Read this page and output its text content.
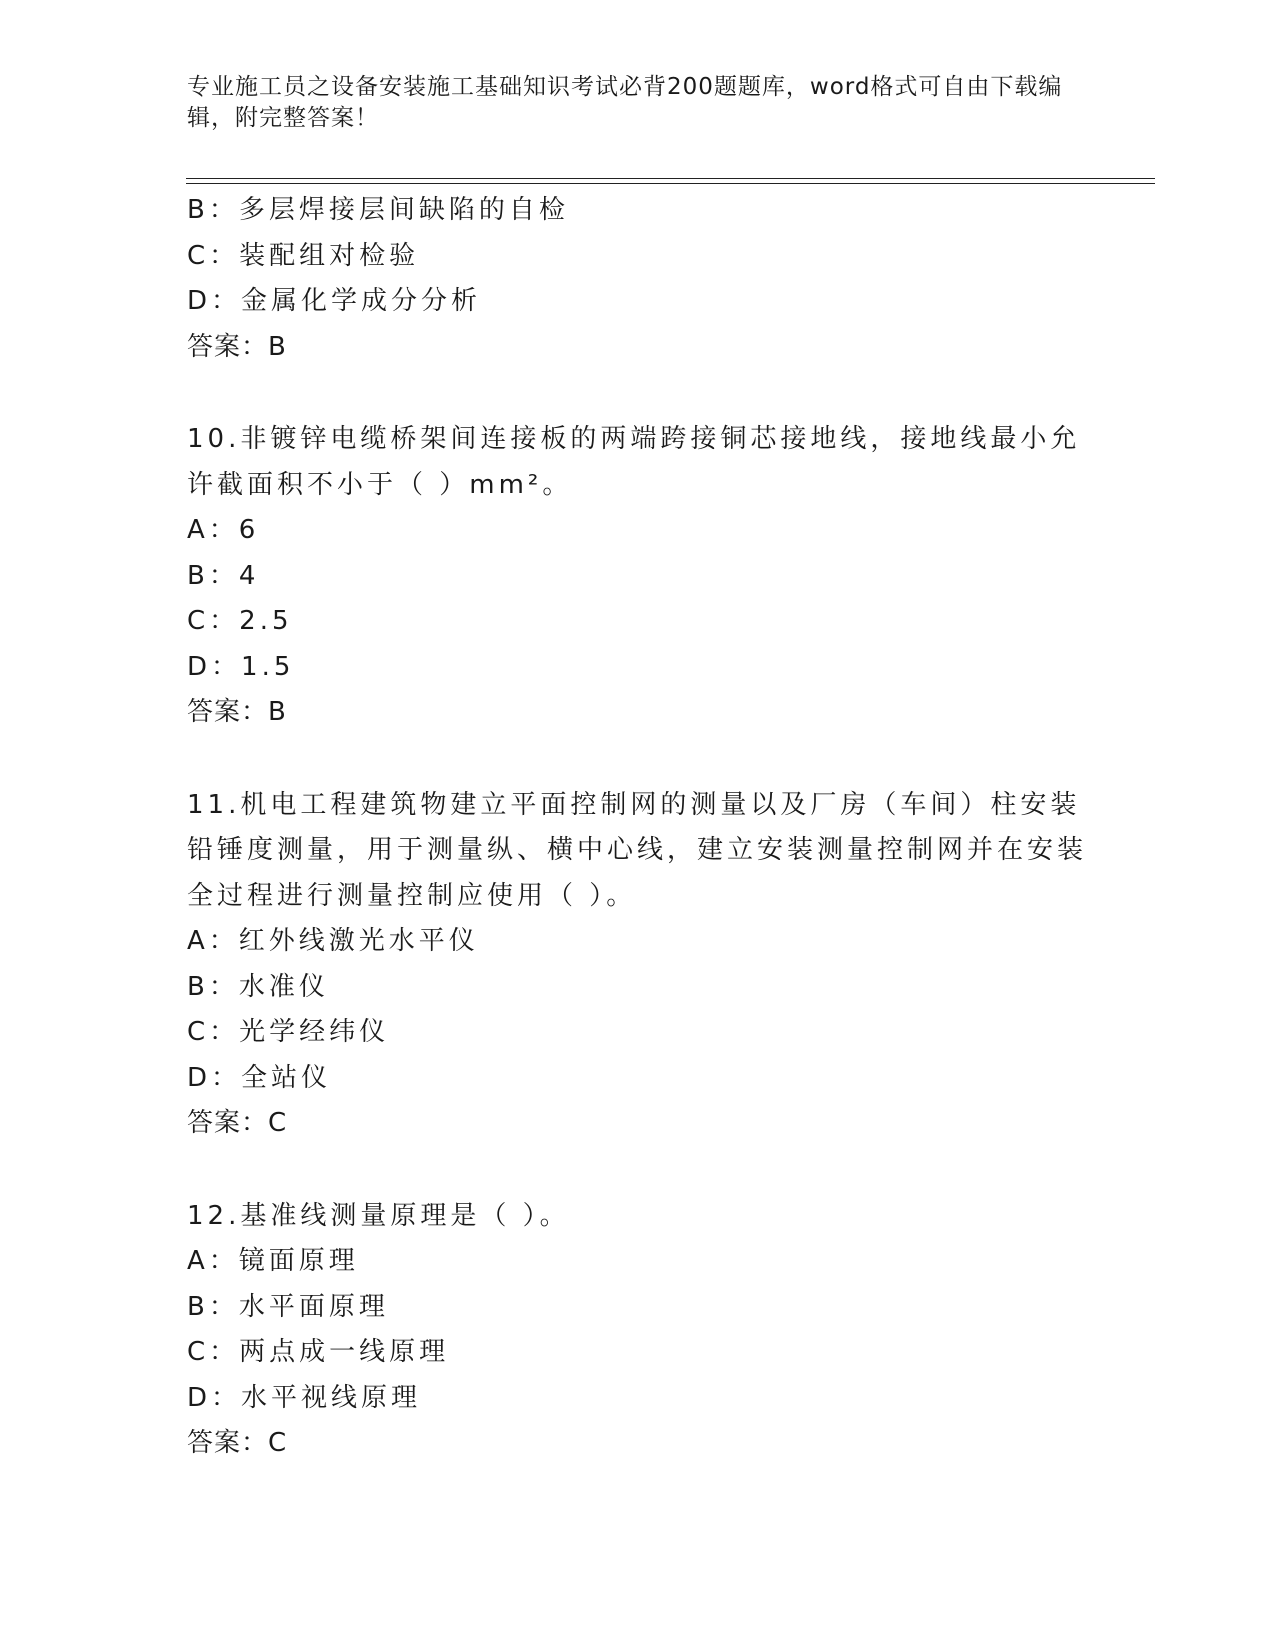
专业施工员之设备安装施工基础知识考试必背200题题库，word格式可自由下载编辑，附完整答案！
B：多层焊接层间缺陷的自检
C：装配组对检验
D：金属化学成分分析
答案：B
10.非镀锌电缆桥架间连接板的两端跨接铜芯接地线，接地线最小允许截面积不小于（ ）mm²。
A：6
B：4
C：2.5
D：1.5
答案：B
11.机电工程建筑物建立平面控制网的测量以及厂房（车间）柱安装铅锤度测量，用于测量纵、横中心线，建立安装测量控制网并在安装全过程进行测量控制应使用（ ）。
A：红外线激光水平仪
B：水准仪
C：光学经纬仪
D：全站仪
答案：C
12.基准线测量原理是（ ）。
A：镜面原理
B：水平面原理
C：两点成一线原理
D：水平视线原理
答案：C
